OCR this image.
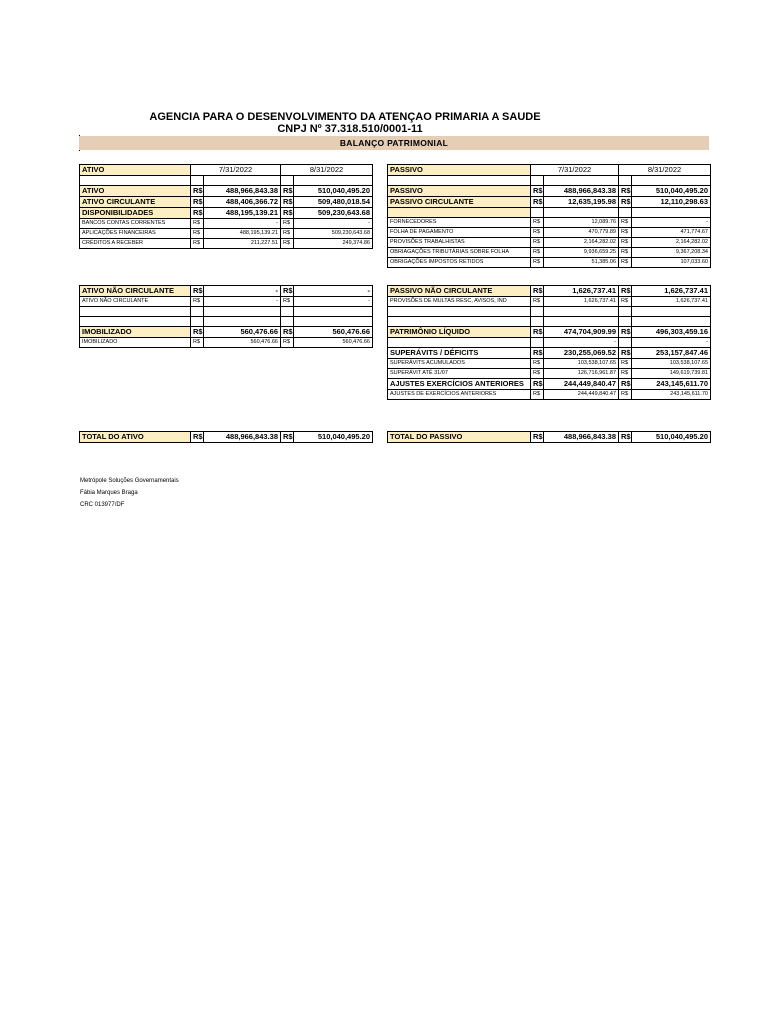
AGENCIA PARA O DESENVOLVIMENTO DA ATENÇAO PRIMARIA A SAUDE
CNPJ Nº 37.318.510/0001-11
BALANÇO PATRIMONIAL
ATIVO	7/31/2022		8/31/2022	

ATIVO	R$	488,966,843.38	R$	510,040,495.20
ATIVO CIRCULANTE	R$	488,406,366.72	R$	509,480,018.54
DISPONIBILIDADES	R$	488,195,139.21	R$	509,230,643.68
BANCOS CONTAS CORRENTES	R$	-	R$	-
APLICAÇÕES FINANCEIRAS	R$	488,195,139.21	R$	509,230,643.68
CRÉDITOS A RECEBER	R$	211,227.51	R$	249,374.86
ATIVO NÃO CIRCULANTE	R$	-	R$	-
ATIVO NÃO CIRCULANTE	R$	-	R$	-

IMOBILIZADO	R$	560,476.66	R$	560,476.66
IMOBILIZADO	R$	560,476.66	R$	560,476.66
TOTAL DO ATIVO	R$	488,966,843.38	R$	510,040,495.20
PASSIVO	7/31/2022		8/31/2022	

PASSIVO	R$	488,966,843.38	R$	510,040,495.20
PASSIVO CIRCULANTE	R$	12,635,195.98	R$	12,110,298.63

FORNECEDORES	R$	12,089.76	R$	-
FOLHA DE PAGAMENTO	R$	470,779.89	R$	471,774.67
PROVISÕES TRABALHISTAS	R$	2,164,282.02	R$	2,164,282.02
OBRIAGAÇÕES TRIBUTÁRIAS SOBRE FOLHA	R$	9,936,659.25	R$	9,367,208.34
OBRIGAÇÕES IMPOSTOS RETIDOS	R$	51,385.06	R$	107,033.60
PASSIVO NÃO CIRCULANTE	R$	1,626,737.41	R$	1,626,737.41
PROVISÕES DE MULTAS RESC, AVISOS, IND	R$	1,626,737.41	R$	1,626,737.41

PATRIMÔNIO LÍQUIDO	R$	474,704,909.99	R$	496,303,459.16
		-		-
SUPERÁVITS / DÉFICITS	R$	230,255,069.52	R$	253,157,847.46
SUPERÁVITS ACUMULADOS	R$	103,538,107.65	R$	103,538,107.65
SUPERÁVIT ATÉ 31/07	R$	126,716,961.87	R$	149,619,739.81
AJUSTES EXERCÍCIOS ANTERIORES	R$	244,449,840.47	R$	243,145,611.70
AJUSTES DE EXERCÍCIOS ANTERIORES	R$	244,449,840.47	R$	243,145,611.70
TOTAL DO PASSIVO	R$	488,966,843.38	R$	510,040,495.20
Metrópole Soluções Governamentais
Fábia Marques Braga
CRC 013977/DF
